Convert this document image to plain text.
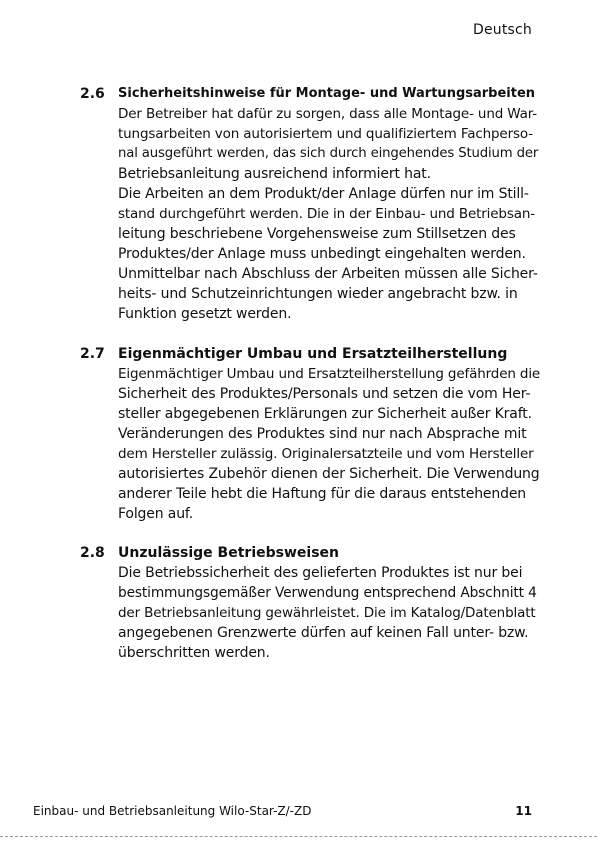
Deutsch
2.6 Sicherheitshinweise für Montage- und Wartungsarbeiten
Der Betreiber hat dafür zu sorgen, dass alle Montage- und War-
tungsarbeiten von autorisiertem und qualifiziertem Fachperso-
nal ausgeführt werden, das sich durch eingehendes Studium der
Betriebsanleitung ausreichend informiert hat.
Die Arbeiten an dem Produkt/der Anlage dürfen nur im Still-
stand durchgeführt werden. Die in der Einbau- und Betriebsan-
leitung beschriebene Vorgehensweise zum Stillsetzen des
Produktes/der Anlage muss unbedingt eingehalten werden.
Unmittelbar nach Abschluss der Arbeiten müssen alle Sicher-
heits- und Schutzeinrichtungen wieder angebracht bzw. in
Funktion gesetzt werden.
2.7 Eigenmächtiger Umbau und Ersatzteilherstellung
Eigenmächtiger Umbau und Ersatzteilherstellung gefährden die
Sicherheit des Produktes/Personals und setzen die vom Her-
steller abgegebenen Erklärungen zur Sicherheit außer Kraft.
Veränderungen des Produktes sind nur nach Absprache mit
dem Hersteller zulässig. Originalersatzteile und vom Hersteller
autorisiertes Zubehör dienen der Sicherheit. Die Verwendung
anderer Teile hebt die Haftung für die daraus entstehenden
Folgen auf.
2.8 Unzulässige Betriebsweisen
Die Betriebssicherheit des gelieferten Produktes ist nur bei
bestimmungsgemäßer Verwendung entsprechend Abschnitt 4
der Betriebsanleitung gewährleistet. Die im Katalog/Datenblatt
angegebenen Grenzwerte dürfen auf keinen Fall unter- bzw.
überschritten werden.
Einbau- und Betriebsanleitung Wilo-Star-Z/-ZD	11
